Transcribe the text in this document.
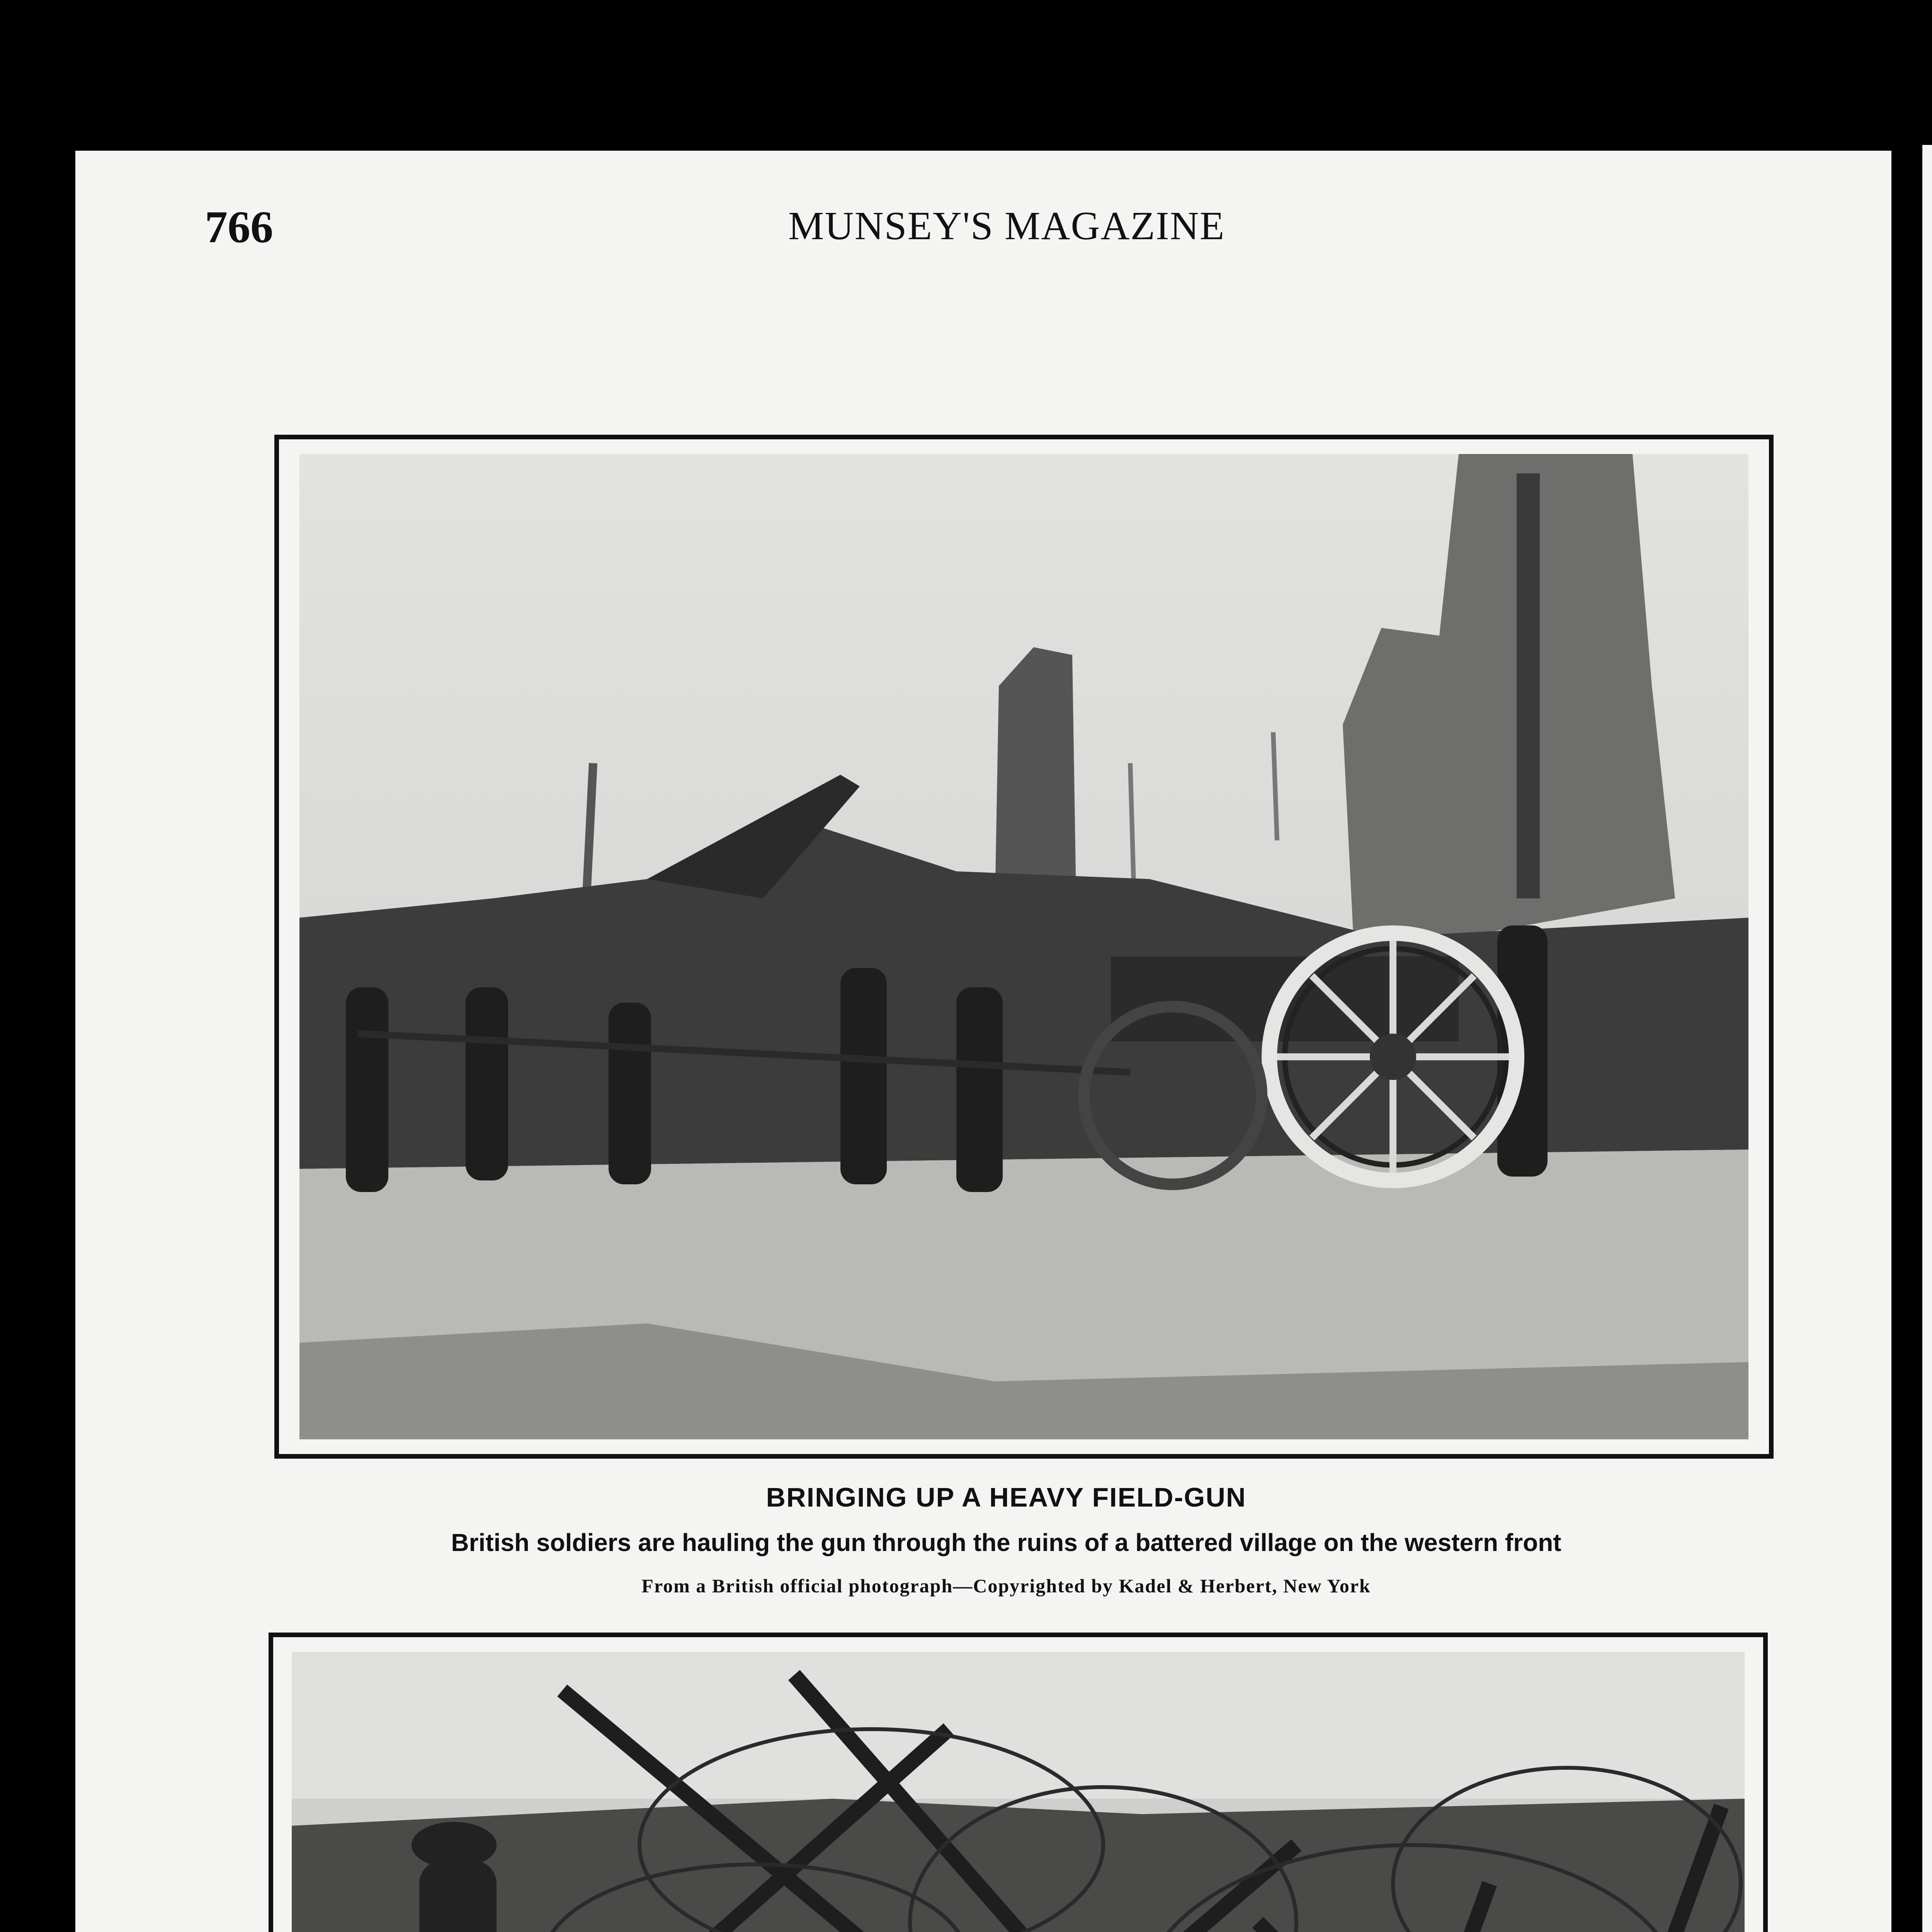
766	MUNSEY'S MAGAZINE
BRINGING UP A HEAVY FIELD-GUN
British soldiers are hauling the gun through the ruins of a battered village on the western front
From a British official photograph—Copyrighted by Kadel & Herbert, New York
